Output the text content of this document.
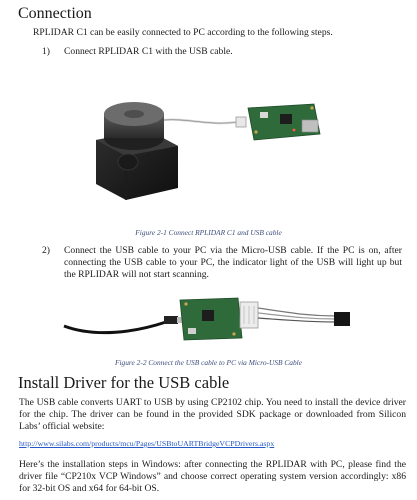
Connection
RPLIDAR C1 can be easily connected to PC according to the following steps.
1) Connect RPLIDAR C1 with the USB cable.
Figure 2-1 Connect RPLIDAR C1 and USB cable
2) Connect the USB cable to your PC via the Micro-USB cable. If the PC is on, after connecting the USB cable to your PC, the indicator light of the USB will light up but the RPLIDAR will not start scanning.
Figure 2-2 Connect the USB cable to PC via Micro-USB Cable
Install Driver for the USB cable
The USB cable converts UART to USB by using CP2102 chip. You need to install the device driver for the chip. The driver can be found in the provided SDK package or downloaded from Silicon Labs’ official website:
http://www.silabs.com/products/mcu/Pages/USBtoUARTBridgeVCPDrivers.aspx
Here’s the installation steps in Windows: after connecting the RPLIDAR with PC, please find the driver file “CP210x VCP Windows” and choose correct operating system version accordingly: x86 for 32-bit OS and x64 for 64-bit OS.
